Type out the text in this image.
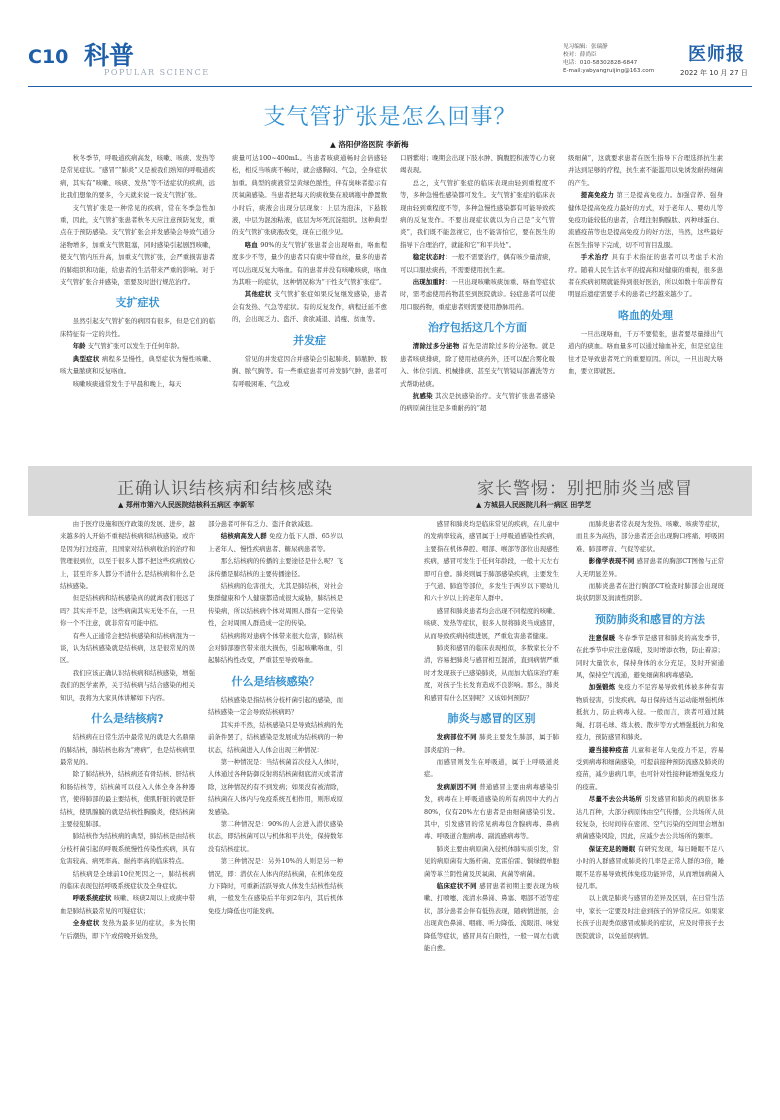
C10 科普
POPULAR SCIENCE
见习编辑：张瑞静
校对：薛尚臣
电话：010-58302828-6847
E-mail:yabyangruijing@163.com
医师报
2022 年 10 月 27 日
支气管扩张是怎么回事？
▲ 洛阳伊洛医院 李新梅

秋冬季节，呼吸道疾病高发，咳嗽、咳痰、发热等是常见症状。“感冒”“肺炎”又是被我们熟知的呼吸道疾病，其实有“咳嗽、咳痰、发热”等不适症状的疾病，远比我们想象的要多，今天就来说一说支气管扩张。

支气管扩张是一种常见的疾病，常在冬季急性加重，因此，支气管扩张患者秋冬天应注意预防复发，重点在于预防感染。支气管扩张会并发感染会导致气道分泌物增多，加重支气管阻塞，同时感染引起剧烈咳嗽，使支气管内压升高，加重支气管扩张，会严重损害患者的肺组织和功能，给患者的生活带来严重的影响。对于支气管扩张合并感染，需要及时进行规范治疗。

支扩症状

虽然引起支气管扩张的病因有很多，但是它们的临床特征有一定的共性。

年龄 支气管扩张可以发生于任何年龄。

典型症状 病程多呈慢性，典型症状为慢性咳嗽、咳大量脓痰和反复咯血。

咳嗽咳痰通常发生于早晨和晚上，每天

痰量可达100~400mL。当患者咳痰通畅时会倍感轻松，相反当咳痰不畅时，就会感胸闷、气急，全身症状加重。典型的痰液常呈黄绿色脓性，伴有臭味者提示有厌氧菌感染。当患者把每天的痰收集在玻璃瓶中静置数小时后，痰液会出现分层现象：上层为泡沫，下悬脓液，中层为混浊粘液，底层为坏死沉淀组织。这种典型的支气管扩张痰液改变，现在已很少见。

咯血 90%的支气管扩张患者会出现咯血，咯血程度多少不等，量少的患者只有痰中带血丝，量多的患者可以出现反复大咯血。有的患者并没有咳嗽咳痰，咯血为其唯一的症状，这种情况称为“干性支气管扩张症”。

其他症状 支气管扩张症如果反复继发感染，患者会有发热、气急等症状。有的反复发作，病程迁延不愈的，会出现乏力、盗汗、食欲减退、消瘦、贫血等。

并发症

常见的并发症因合并感染会引起肺炎、肺脓肿、脓胸、脓气胸等。有一些重症患者可并发肺气肿，患者可有呼吸困难、气急或

口唇紫绀；晚期会出现下肢水肿、胸腹腔积液等心力衰竭表现。

总之，支气管扩张症的临床表现由轻到重程度不等，多种急慢性感染都可发生。支气管扩张症的临床表现由轻到重程度不等，多种急慢性感染都有可能导致疾病的反复发作。不要出现症状就以为自己是“支气管炎”，我们既不能忽视它，也不能害怕它，要在医生的指导下合理治疗，就能和它“和平共处”。

稳定状态时：一般不需要治疗，偶有咳少量清痰，可以口服祛痰药，不需要使用抗生素。

出现加重时：一旦出现咳嗽咳痰加重、咯血等症状时，需考虑使用药物甚至到医院就诊。轻症患者可以使用口服药物，重症患者则需要使用静脉用药。

治疗包括这几个方面

清除过多分泌物 首先是清除过多的分泌物。就是患者咳痰排痰，除了使用祛痰药外，还可以配合雾化吸入、体位引流、机械排痰、甚至支气管镜局部灌洗等方式帮助祛痰。

抗感染 其次是抗感染治疗。支气管扩张患者感染的病原菌往往是多重耐药的“超

级细菌”，这就要求患者在医生指导下合理选择抗生素并达到足够的疗程，抗生素不能滥用以免诱发耐药细菌的产生。

提高免疫力 第三是提高免疫力。加强营养、强身健体是提高免疫力最好的方式，对于老年人、婴幼儿等免疫功能较低的患者，合理注射胸腺肽、丙种球蛋白、流感疫苗等也是提高免疫力的好方法，当然，这些最好在医生指导下完成，切不可盲目乱服。

手术治疗 具有手术指征的患者可以考虑手术治疗。随着人民生活水平的提高和对健康的重视，很多患者在疾病初期就能得到很好医治，所以如数十年前曾有明显后遗症需要手术的患者已经越来越少了。

咯血的处理

一旦出现咯血，千万不要慌张，患者要尽量排出气道内的痰血。咯血量多可以通过输血补充，但是窒息往往才是导致患者死亡的重要原因。所以，一旦出现大咯血，要立即就医。

正确认识结核病和结核感染
▲ 郑州市第六人民医院结核科五病区 李新军
家长警惕：别把肺炎当感冒
▲ 方城县人民医院儿科一病区 田学芝

由于医疗设施和医疗政策的发展、进步，越来越多的人开始不重视结核病和结核感染。或许是因为打过疫苗，且国家对结核病收治的治疗和管理很到位，以至于很多人都不把这些疾病放心上，甚至许多人都分不清什么是结核病和什么是结核感染。

但是结核病和结核感染真的就离我们很远了吗？其实并不是，这些病菌其实无处不在，一旦你一个不注意，就非常有可能中招。

有些人正通常会把结核感染和结核病混为一谈，认为结核感染就是结核病，这是很常见的误区。

我们应该正确认识结核病和结核感染，增强我们的医学素养，关于结核病与结合感染的相关知识，我将为大家具体讲解如下内容。

什么是结核病?

结核病在日常生活中最常见的就是大名鼎鼎的肺结核，肺结核也称为“痨病”，也是结核病里最常见的。

除了肺结核外，结核病还有骨结核、肝结核和肠结核等，结核菌可以侵入人体全身各种器官，使得肺部的最主要结核，使肌肝脏的就是肝结核，使肌腺膜的就是结核性胸膜炎，使结核菌主要侵犯肺部。

肺结核作为结核病的典型，肺结核是由结核分枝杆菌引起的呼吸系统慢性传染性疾病，具有危害较高、病死率高、耐药率高的临床特点。

结核病是全球前10位死因之一，肺结核病的临床表现包括呼吸系统症状及全身症状。

呼吸系统症状 咳嗽、咳痰2周以上或痰中带血是肺结核最常见的可疑症状；

全身症状 发热为最多见的症状，多为长期午后潮热，即下午或傍晚开始发热，

部分患者可伴有乏力、盗汗食欲减退。

结核病高发人群 免疫力低下人群、65岁以上老年人、慢性疾病患者、糖尿病患者等。

那么结核病的传播的主要途径是什么呢？飞沫传播是肺结核的主要传播途径。

结核病的危害很大，尤其是肺结核，对社会集群健康和个人健康都造成很大威胁，肺结核是传染病，所以结核病个体对周围人群有一定传染性，会对周围人群造成一定的传染。

结核病将对患病个体带来很大危害，肺结核会对肺部器官带来很大损伤，引起咳嗽咯血，引起肺结构性改变，严重甚至导致咯血。

什么是结核感染？

结核感染是指结核分枝杆菌引起的感染，而结核感染一定会导致结核病吗？

其实并不然，结核感染只是导致结核病的先前条件罢了，结核感染是发展成为结核病的一种状态，结核菌进入人体会出现三种情况：

第一种情况是：当结核菌首次侵入人体时，人体通过各种防御反射将结核菌彻底清灭或者清除，这种情况约有不到发病；如果没有被清除，结核菌在人体内与免疫系统互相作用，则形成原发感染。

第二种情况是：90%的人会进入潜伏感染状态，即结核菌可以与机体和平共处，保持数年没有结核症状。

第三种情况是：另外10%的人则是另一种情况，即：潜伏在人体内的结核菌，在机体免疫力下降时，可重新活跃导致人体发生结核性结核病，一般发生在感染后半年到2年内，其后机体免疫力降低也可能发病。

感冒和肺炎均是临床常见的疾病，在儿童中的发病率较高，感冒属于上呼吸道感染性疾病，主要指在机体鼻腔、咽部、喉部等部位出现感性疾病，感冒可发生于任何年龄段，一般十天左右即可自愈。肺炎则属于肺部感染疾病，主要发生于气道、肺泡等部位，多发生于两岁以下婴幼儿和六十岁以上的老年人群中。

感冒和肺炎患者均会出现不同程度的咳嗽、咳痰、发热等症状，很多人误将肺炎当成感冒，从而导致疾病持续进展，严重危害患者健康。

肺炎和感冒的临床表现相似，多数家长分不清，容易把肺炎与感冒相互混淆，直到病情严重时才发现孩子已感染肺炎，从而加大临床治疗难度，对孩子生长发育造成不良影响。那么，肺炎和感冒有什么区别呢？又该如何预防？

肺炎与感冒的区别

发病部位不同 肺炎主要发生肺部，属于肺部炎症的一种。

而感冒则发生在呼吸道，属于上呼吸道炎症。

发病原因不同 普通感冒主要由病毒感染引发，病毒在上呼吸道感染的所有病因中大约占80%，仅有20%左右患者是由细菌感染引发。其中，引发感冒的常见病毒包含腺病毒、鼻病毒、呼吸道合胞病毒、副流感病毒等。

肺炎主要由病原菌入侵机体肺实质引发，常见的病原菌有大肠杆菌、克雷伯雷、铜绿假单胞菌等革兰阴性菌及厌氧菌、真菌等病菌。

临床症状不同 感冒患者初期主要表现为咳嗽、打喷嚏、流清水鼻涕、鼻塞、咽部不适等症状，部分患者会伴有低热表现，随病情进展，会出现黄色鼻涕、咽痛、听力降低、流眼泪、味觉降低等症状，感冒具有自限性，一般一周左右就能自愈。

而肺炎患者常表现为发热、咳嗽、咳痰等症状，而且多为高热，部分患者还会出现胸口疼痛、呼吸困难、肺部啰音、气促等症状。

影像学表现不同 感冒患者的胸部CT图像与正常人无明显差异。

而肺炎患者在进行胸部CT检查时肺部会出现斑块状阴影及润渍性阴影。

预防肺炎和感冒的方法

注意保暖 冬春季节是感冒和肺炎的高发季节，在此季节中应注意保暖，及时增添衣物，防止着凉；同时大量饮水，保持身体的水分充足，及时开窗通风，保持空气流通，避免细菌和病毒感染。

加强锻炼 免疫力不足容易导致机体被多种有害物质侵害，引发疾病。每日保持适当运动能增强机体抵抗力，防止病毒入侵。一般而言，读者可通过跳绳、打羽毛球、练太极、散步等方式增强抵抗力和免疫力，预防感冒和肺炎。

避当接种疫苗 儿童和老年人免疫力不足，容易受到病毒和细菌感染，可提前接种预防流感及肺炎的疫苗，减少患病几率，也可针对性接种能增强免疫力的疫苗。

尽量不去公共场所 引发感冒和肺炎的病原体多达几百种，大部分病原体由空气传播，公共场所人员较复杂，长时间待在密闭、空气污染的空间里会增加病菌感染风险，因此，应减少去公共场所的频率。

保证充足的睡眠 有研究发现，每日睡眠不足八小时的人群感冒或肺炎的几率是正常人群的3倍，睡眠不足容易导致机体免疫功能异常，从而增加病菌入侵几率。

以上就是肺炎与感冒的差异及区别，在日常生活中，家长一定要及时注意到孩子的异常反应。如果家长孩子出现类似感冒或肺炎的症状，应及时带孩子去医院就诊，以免延误病情。
